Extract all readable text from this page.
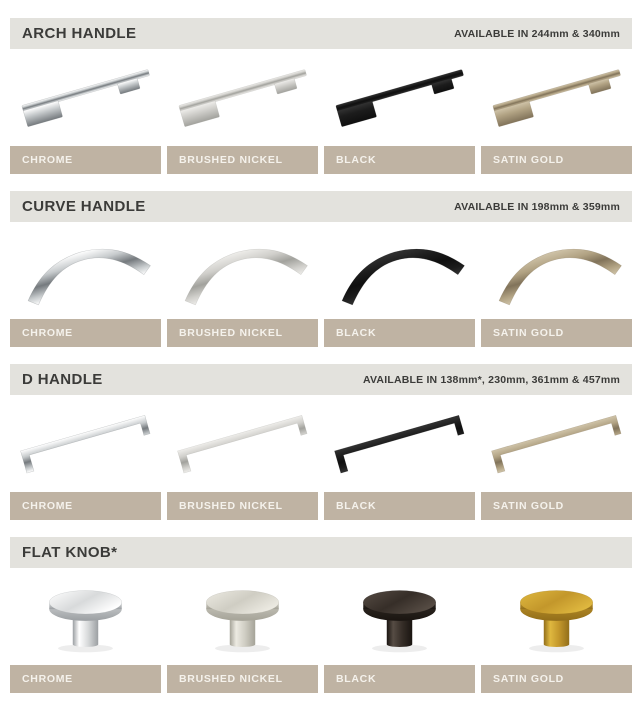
ARCH HANDLE	AVAILABLE IN 244mm & 340mm
CHROME	BRUSHED NICKEL	BLACK	SATIN GOLD
CURVE HANDLE	AVAILABLE IN 198mm & 359mm
CHROME	BRUSHED NICKEL	BLACK	SATIN GOLD
D HANDLE	AVAILABLE IN 138mm*, 230mm, 361mm & 457mm
CHROME	BRUSHED NICKEL	BLACK	SATIN GOLD
FLAT KNOB*
CHROME	BRUSHED NICKEL	BLACK	SATIN GOLD
